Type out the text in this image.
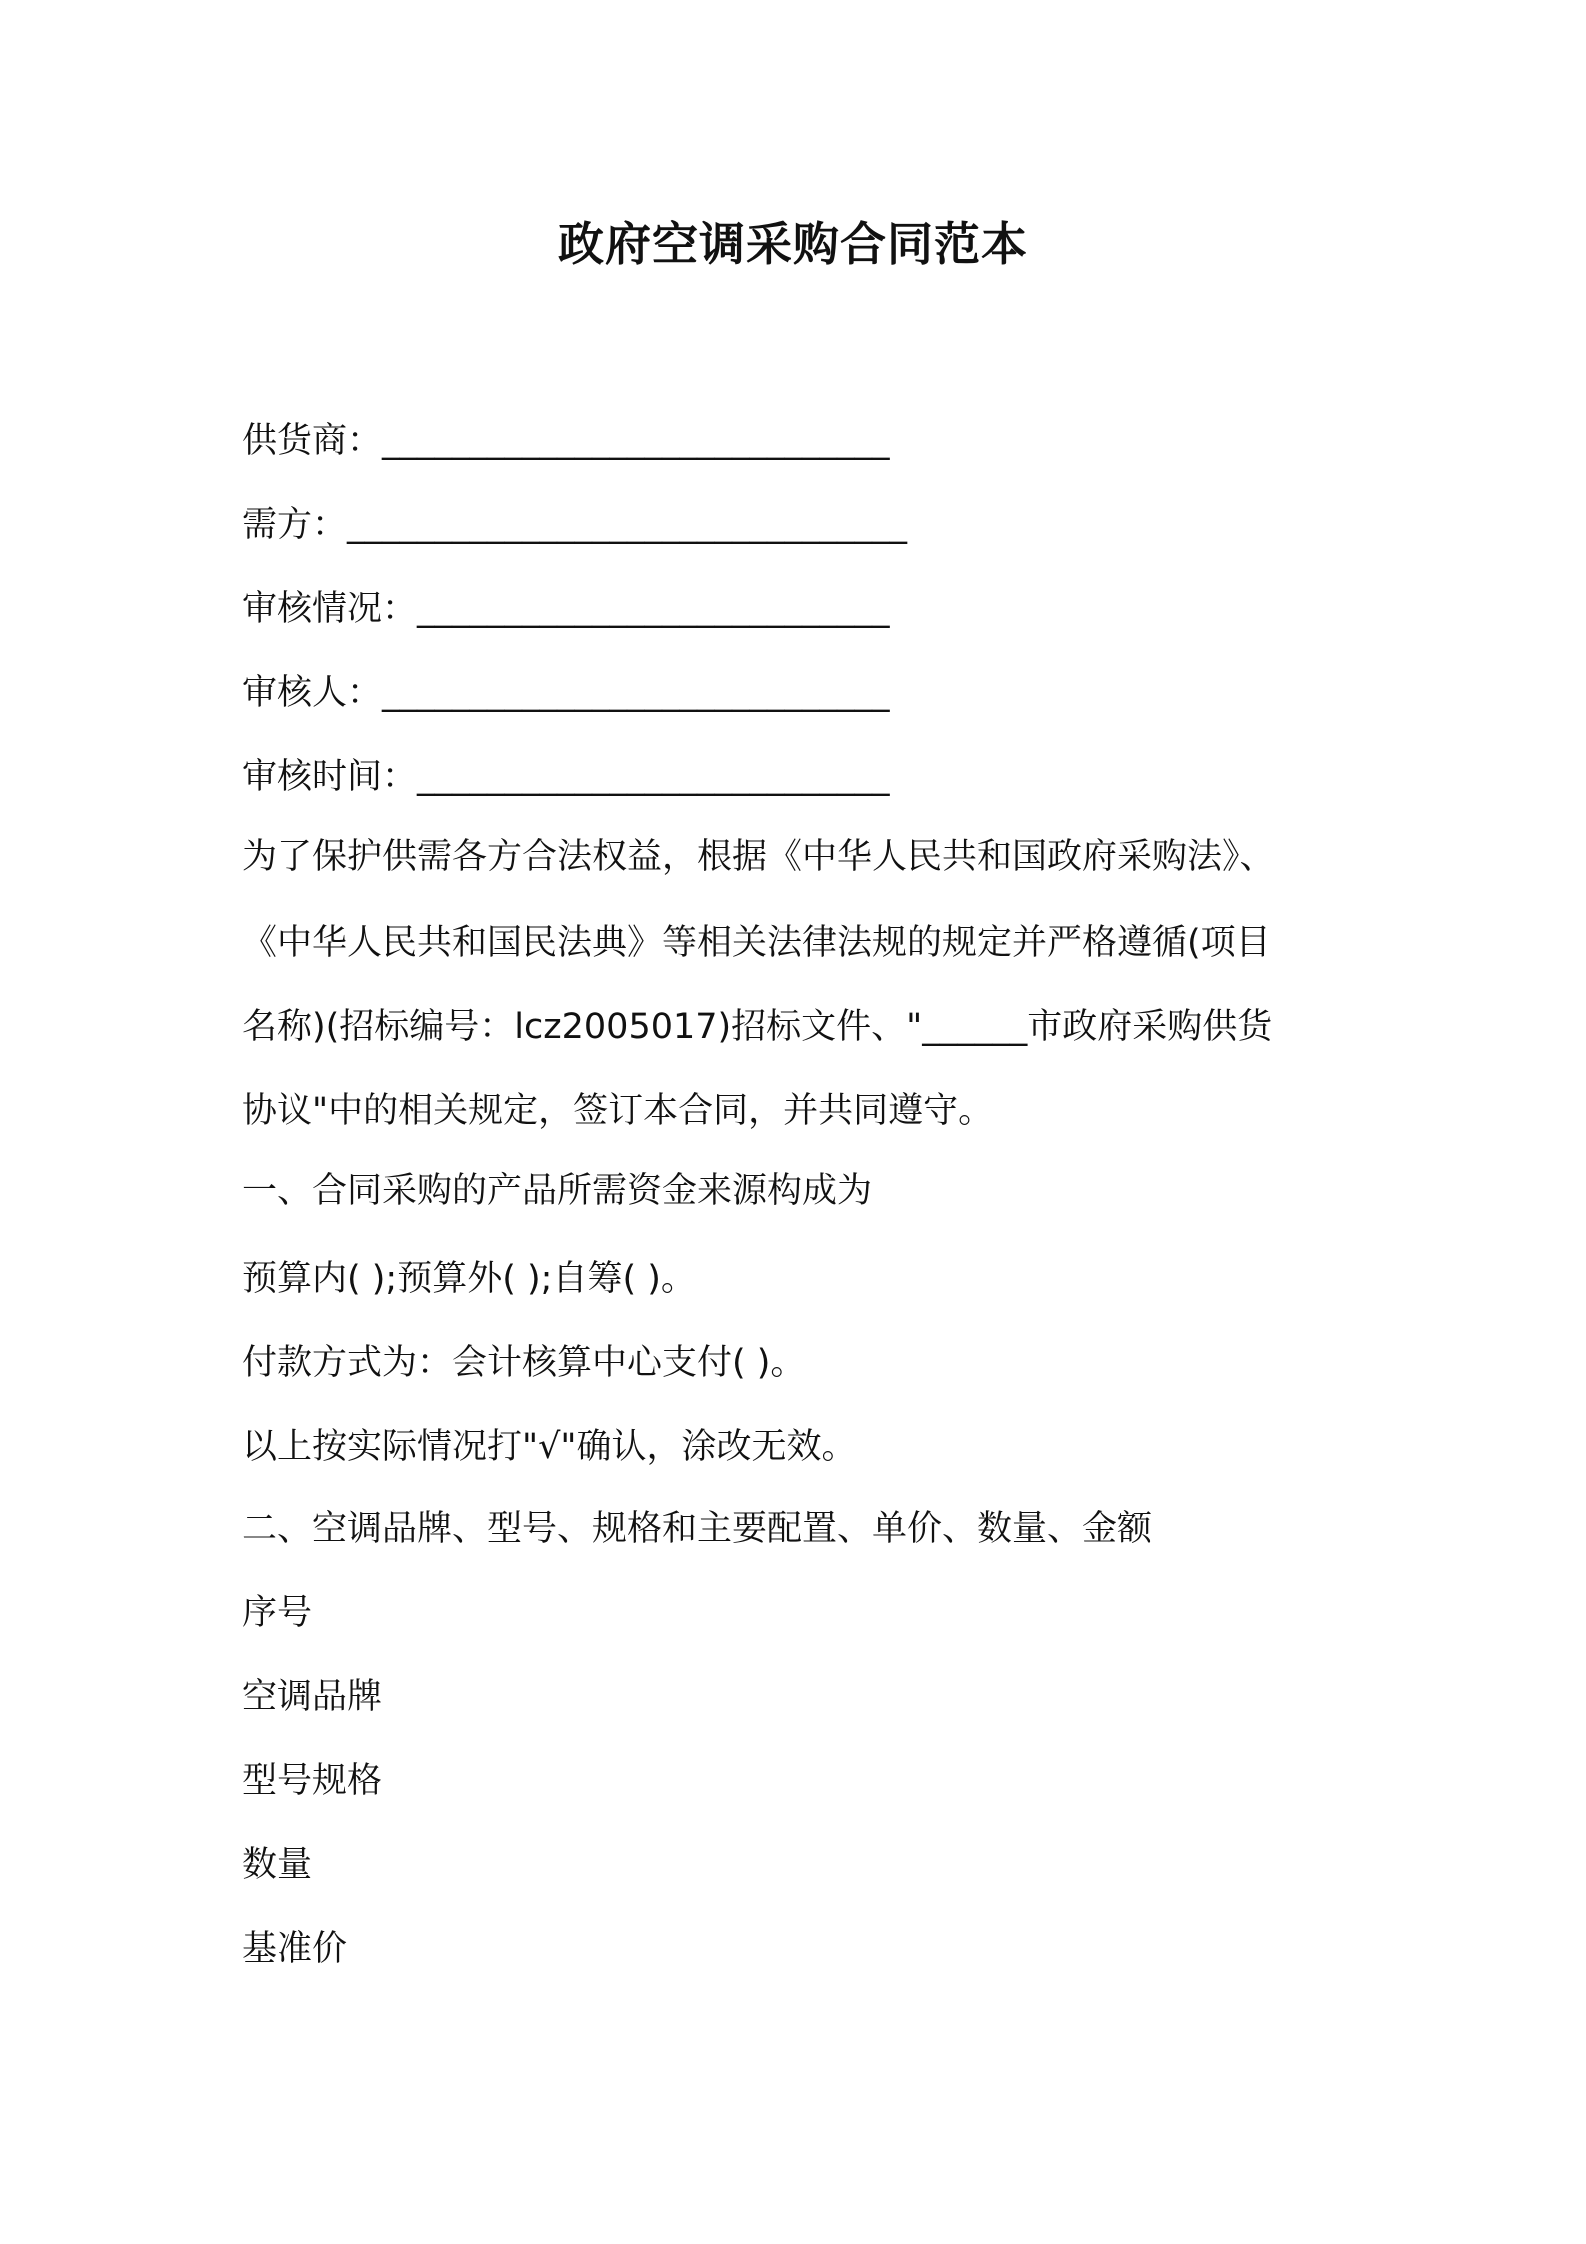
政府空调采购合同范本
供货商：_____________________________
需方：________________________________
审核情况：___________________________
审核人：_____________________________
审核时间：___________________________
为了保护供需各方合法权益，根据《中华人民共和国政府采购法》、
《中华人民共和国民法典》等相关法律法规的规定并严格遵循(项目
名称)(招标编号：lcz2005017)招标文件、"______市政府采购供货
协议"中的相关规定，签订本合同，并共同遵守。
一、合同采购的产品所需资金来源构成为
预算内( );预算外( );自筹( )。
付款方式为：会计核算中心支付( )。
以上按实际情况打"√"确认，涂改无效。
二、空调品牌、型号、规格和主要配置、单价、数量、金额
序号
空调品牌
型号规格
数量
基准价
